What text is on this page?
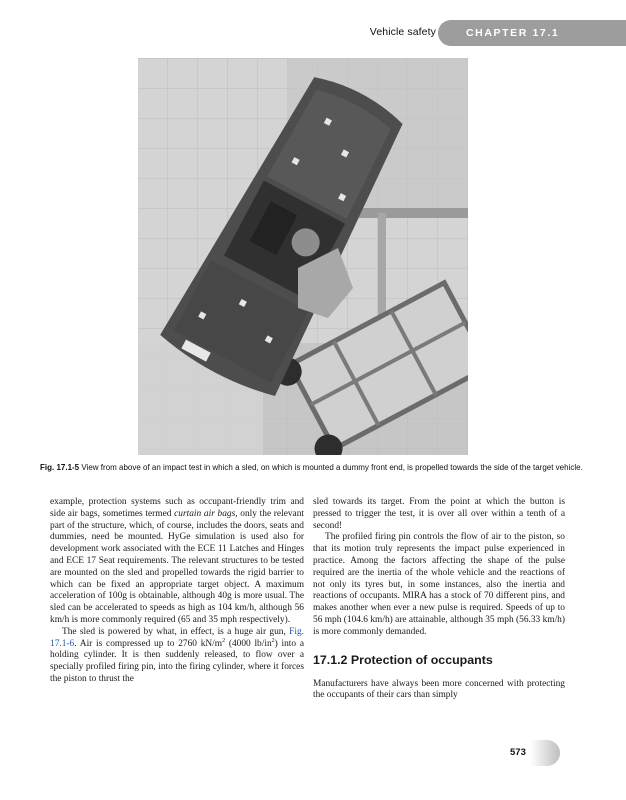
Vehicle safety	CHAPTER 17.1
Fig. 17.1-5 View from above of an impact test in which a sled, on which is mounted a dummy front end, is propelled towards the side of the target vehicle.

example, protection systems such as occupant-friendly trim and side air bags, sometimes termed curtain air bags, only the relevant part of the structure, which, of course, includes the doors, seats and dummies, need be mounted. HyGe simulation is used also for development work associated with the ECE 11 Latches and Hinges and ECE 17 Seat requirements. The relevant structures to be tested are mounted on the sled and propelled towards the rigid barrier to which can be fixed an appropriate target object. A maximum acceleration of 100g is obtainable, although 40g is more usual. The sled can be accelerated to speeds as high as 104 km/h, although 56 km/h is more commonly required (65 and 35 mph respectively).

The sled is powered by what, in effect, is a huge air gun, Fig. 17.1-6. Air is compressed up to 2760 $kN/m^2$ (4000 $lb/in^2$) into a holding cylinder. It is then suddenly released, to flow over a specially profiled firing pin, into the firing cylinder, where it forces the piston to thrust the

sled towards its target. From the point at which the button is pressed to trigger the test, it is over all over within a tenth of a second!

The profiled firing pin controls the flow of air to the piston, so that its motion truly represents the impact pulse experienced in practice. Among the factors affecting the shape of the pulse required are the inertia of the whole vehicle and the reactions of not only its tyres but, in some instances, also the inertia and reactions of occupants. MIRA has a stock of 70 different pins, and makes another when ever a new pulse is required. Speeds of up to 56 mph (104.6 km/h) are attainable, although 35 mph (56.33 km/h) is more commonly demanded.

17.1.2 Protection of occupants

Manufacturers have always been more concerned with protecting the occupants of their cars than simply

573
